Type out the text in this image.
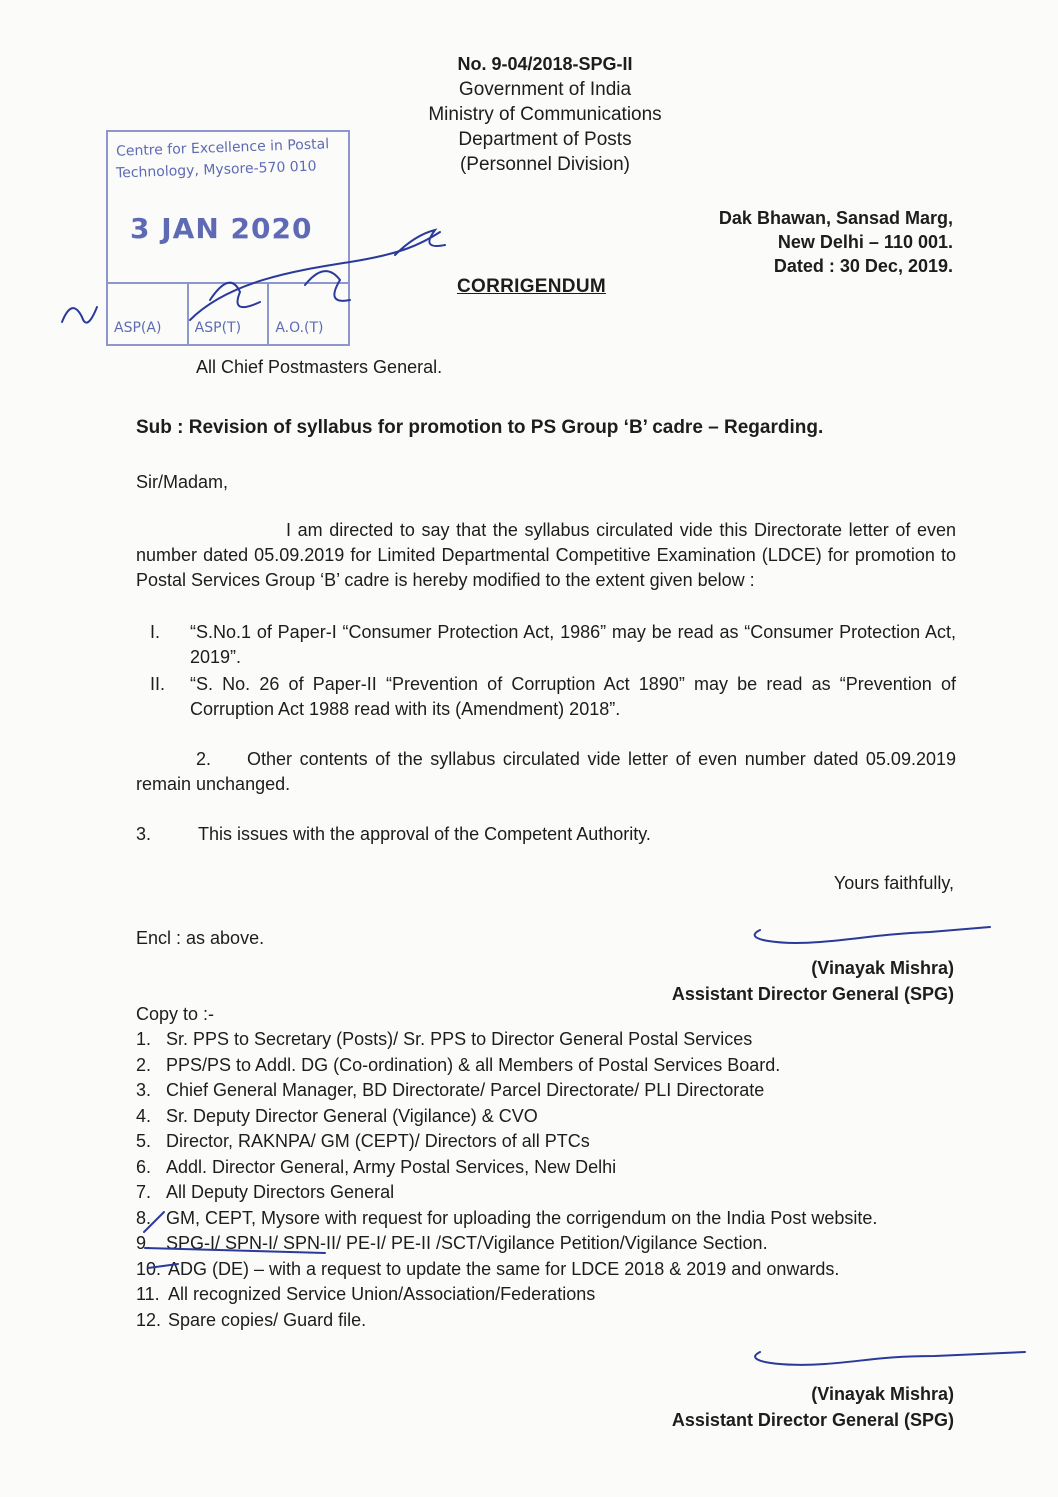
Centre for Excellence in Postal
Technology, Mysore-570 010
3 JAN 2020
ASP(A)	ASP(T)	A.O.(T)
No. 9-04/2018-SPG-II
Government of India
Ministry of Communications
Department of Posts
(Personnel Division)
Dak Bhawan, Sansad Marg,
New Delhi – 110 001.
Dated : 30 Dec, 2019.
CORRIGENDUM
All Chief Postmasters General.
Sub : Revision of syllabus for promotion to PS Group ‘B’ cadre – Regarding.
Sir/Madam,
I am directed to say that the syllabus circulated vide this Directorate letter of even number dated 05.09.2019 for Limited Departmental Competitive Examination (LDCE) for promotion to Postal Services Group ‘B’ cadre is hereby modified to the extent given below :
I. “S.No.1 of Paper-I “Consumer Protection Act, 1986” may be read as “Consumer Protection Act, 2019”.
II. “S. No. 26 of Paper-II “Prevention of Corruption Act 1890” may be read as “Prevention of Corruption Act 1988 read with its (Amendment) 2018”.
2. Other contents of the syllabus circulated vide letter of even number dated 05.09.2019 remain unchanged.
3.	This issues with the approval of the Competent Authority.
Yours faithfully,
Encl : as above.
(Vinayak Mishra)
Assistant Director General (SPG)
Copy to :-
1. Sr. PPS to Secretary (Posts)/ Sr. PPS to Director General Postal Services
2. PPS/PS to Addl. DG (Co-ordination) & all Members of Postal Services Board.
3. Chief General Manager, BD Directorate/ Parcel Directorate/ PLI Directorate
4. Sr. Deputy Director General (Vigilance) & CVO
5. Director, RAKNPA/ GM (CEPT)/ Directors of all PTCs
6. Addl. Director General, Army Postal Services, New Delhi
7. All Deputy Directors General
8. GM, CEPT, Mysore with request for uploading the corrigendum on the India Post website.
9. SPG-I/ SPN-I/ SPN-II/ PE-I/ PE-II /SCT/Vigilance Petition/Vigilance Section.
10. ADG (DE) – with a request to update the same for LDCE 2018 & 2019 and onwards.
11. All recognized Service Union/Association/Federations
12. Spare copies/ Guard file.
(Vinayak Mishra)
Assistant Director General (SPG)
